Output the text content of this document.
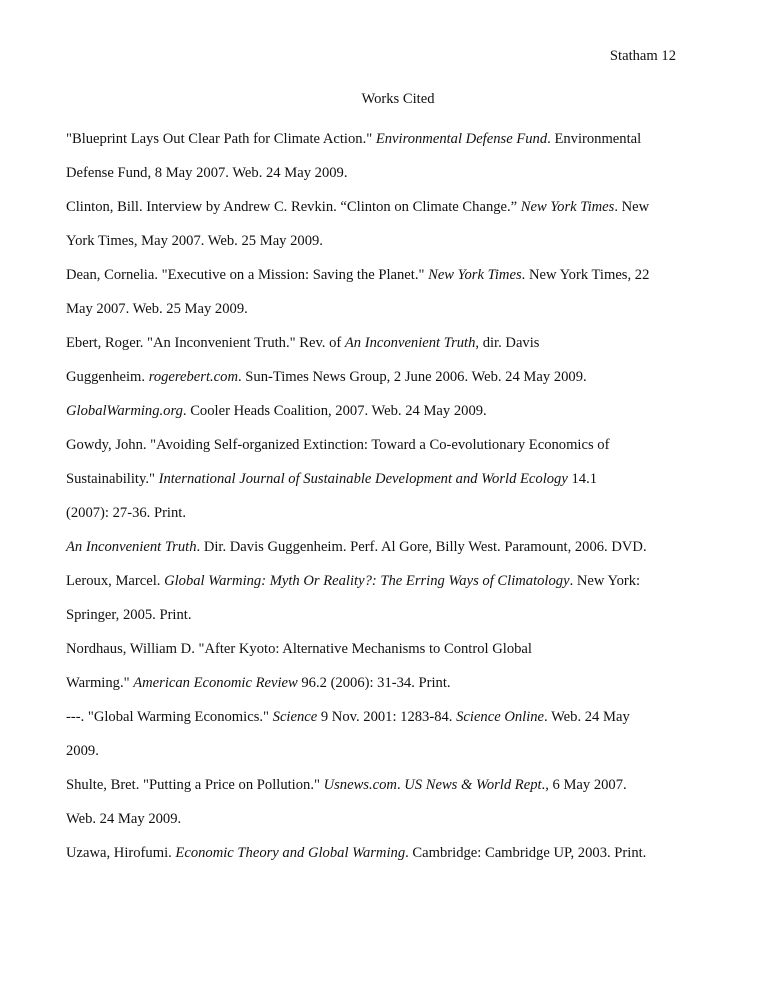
Statham 12
Works Cited
"Blueprint Lays Out Clear Path for Climate Action." Environmental Defense Fund. Environmental
Defense Fund, 8 May 2007. Web. 24 May 2009.
Clinton, Bill. Interview by Andrew C. Revkin. “Clinton on Climate Change.” New York Times. New
York Times, May 2007. Web. 25 May 2009.
Dean, Cornelia. "Executive on a Mission: Saving the Planet." New York Times. New York Times, 22
May 2007. Web. 25 May 2009.
Ebert, Roger. "An Inconvenient Truth." Rev. of An Inconvenient Truth, dir. Davis
Guggenheim. rogerebert.com. Sun-Times News Group, 2 June 2006. Web. 24 May 2009.
GlobalWarming.org. Cooler Heads Coalition, 2007. Web. 24 May 2009.
Gowdy, John. "Avoiding Self-organized Extinction: Toward a Co-evolutionary Economics of
Sustainability." International Journal of Sustainable Development and World Ecology 14.1
(2007): 27-36. Print.
An Inconvenient Truth. Dir. Davis Guggenheim. Perf. Al Gore, Billy West. Paramount, 2006. DVD.
Leroux, Marcel. Global Warming: Myth Or Reality?: The Erring Ways of Climatology. New York:
Springer, 2005. Print.
Nordhaus, William D. "After Kyoto: Alternative Mechanisms to Control Global
Warming." American Economic Review 96.2 (2006): 31-34. Print.
---. "Global Warming Economics." Science 9 Nov. 2001: 1283-84. Science Online. Web. 24 May
2009.
Shulte, Bret. "Putting a Price on Pollution." Usnews.com. US News & World Rept., 6 May 2007.
Web. 24 May 2009.
Uzawa, Hirofumi. Economic Theory and Global Warming. Cambridge: Cambridge UP, 2003. Print.
